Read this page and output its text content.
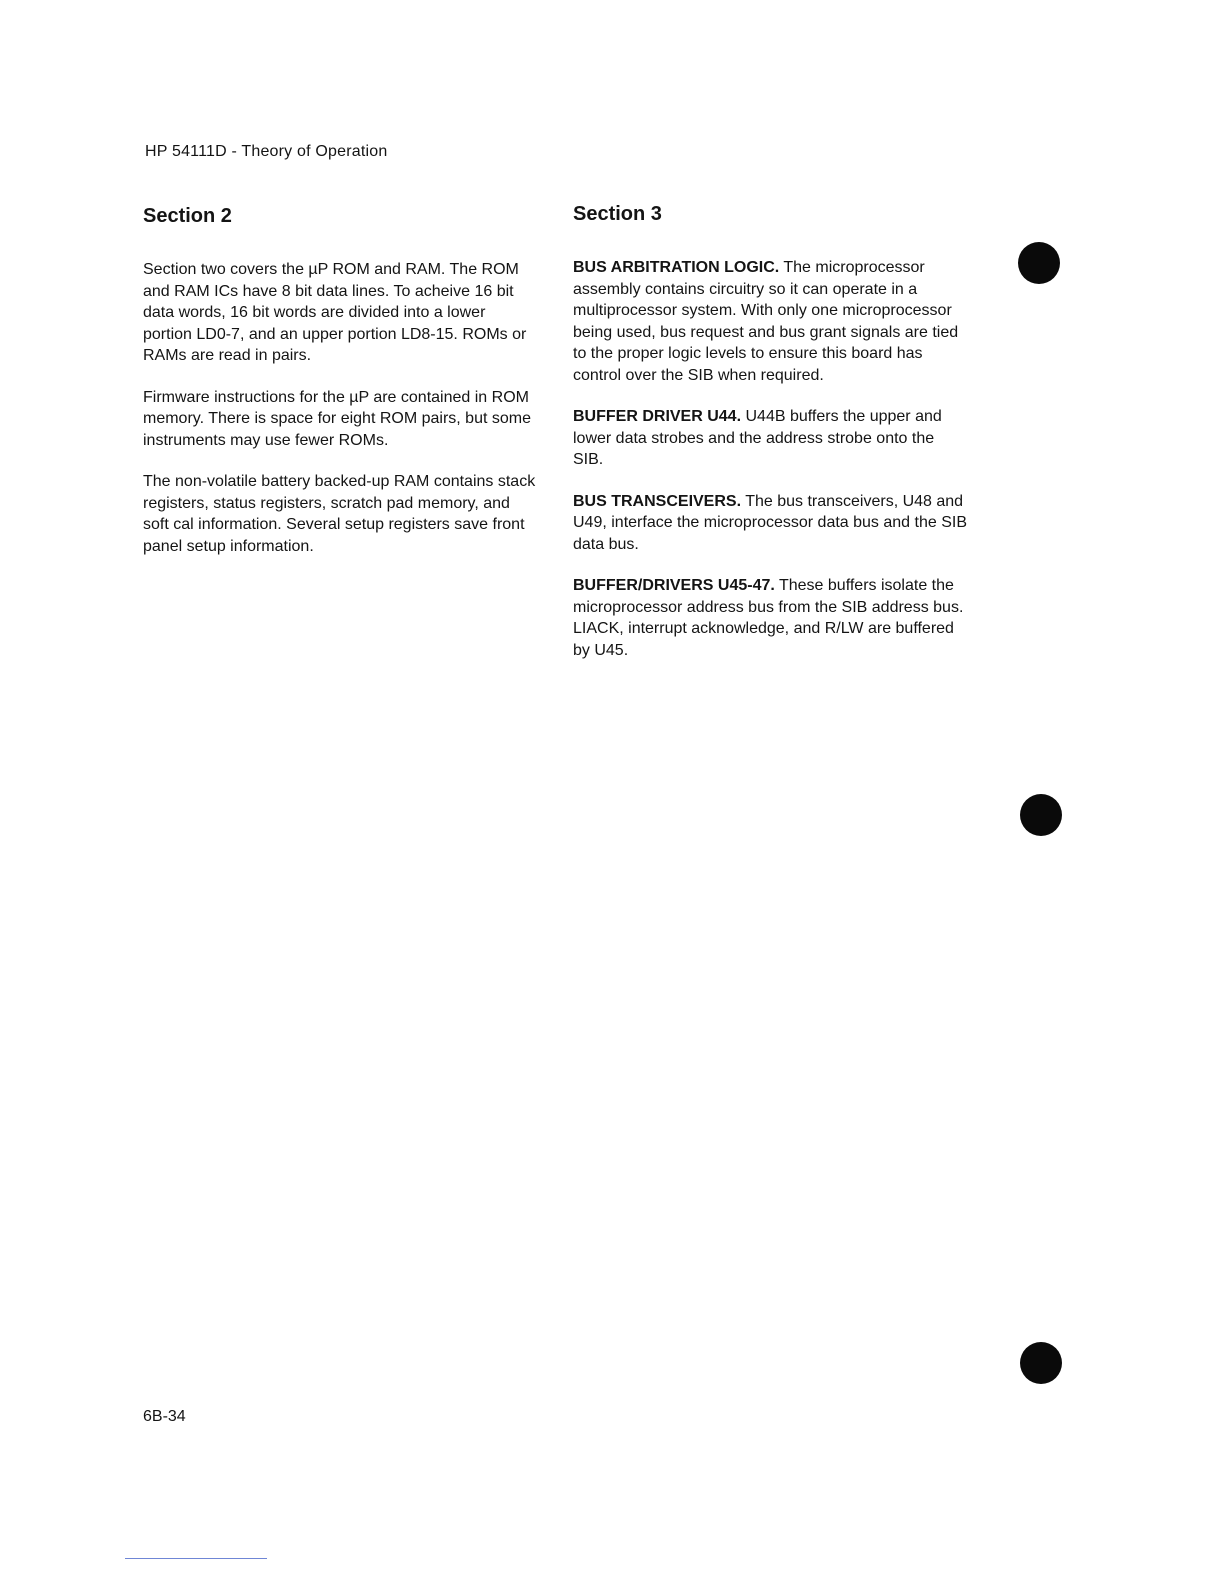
HP 54111D - Theory of Operation
Section 2

Section two covers the µP ROM and RAM. The ROM and RAM ICs have 8 bit data lines. To acheive 16 bit data words, 16 bit words are divided into a lower portion LD0-7, and an upper portion LD8-15. ROMs or RAMs are read in pairs.

Firmware instructions for the µP are contained in ROM memory. There is space for eight ROM pairs, but some instruments may use fewer ROMs.

The non-volatile battery backed-up RAM contains stack registers, status registers, scratch pad memory, and soft cal information. Several setup registers save front panel setup information.

Section 3

BUS ARBITRATION LOGIC. The microprocessor assembly contains circuitry so it can operate in a multiprocessor system. With only one microprocessor being used, bus request and bus grant signals are tied to the proper logic levels to ensure this board has control over the SIB when required.

BUFFER DRIVER U44. U44B buffers the upper and lower data strobes and the address strobe onto the SIB.

BUS TRANSCEIVERS. The bus transceivers, U48 and U49, interface the microprocessor data bus and the SIB data bus.

BUFFER/DRIVERS U45-47. These buffers isolate the microprocessor address bus from the SIB address bus. LIACK, interrupt acknowledge, and R/LW are buffered by U45.

6B-34
